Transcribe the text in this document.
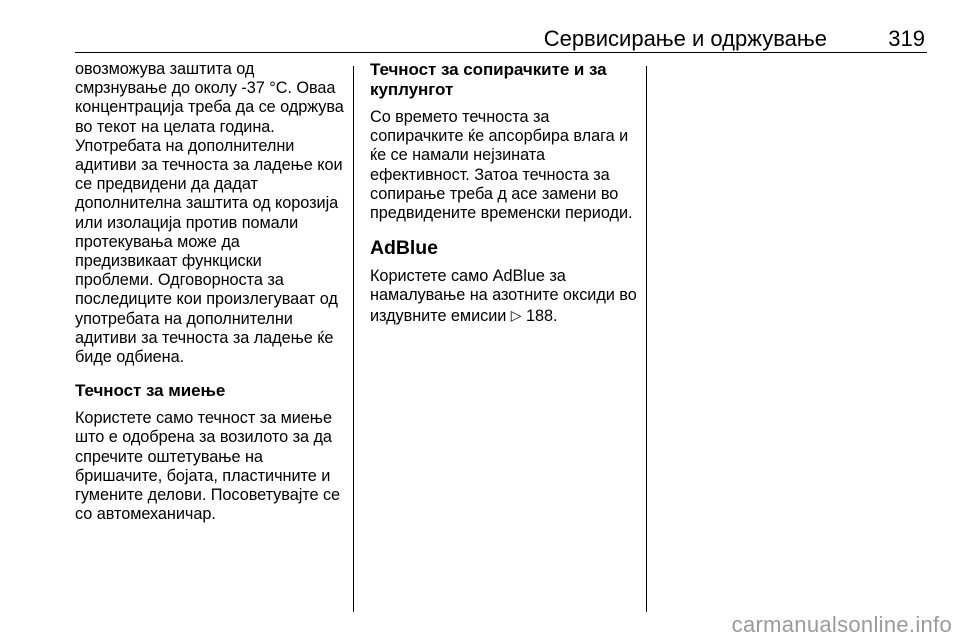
Сервисирање и одржување	319

овозможува заштита од
смрзнување до околу -37 °C. Оваа
концентрација треба да се одржува
во текот на целата година.
Употребата на дополнителни
адитиви за течноста за ладење кои
се предвидени да дадат
дополнителна заштита од корозија
или изолација против помали
протекувања може да
предизвикаат функциски
проблеми. Одговорноста за
последиците кои произлегуваат од
употребата на дополнителни
адитиви за течноста за ладење ќе
биде одбиена.

Течност за миење

Користете само течност за миење
што е одобрена за возилото за да
спречите оштетување на
бришачите, бојата, пластичните и
гумените делови. Посоветувајте се
со автомеханичар.

Течност за сопирачките и за
куплунгот

Со времето течноста за
сопирачките ќе апсорбира влага и
ќе се намали нејзината
ефективност. Затоа течноста за
сопирање треба д асе замени во
предвидените временски периоди.

AdBlue

Користете само AdBlue за
намалување на азотните оксиди во
издувните емисии ▷ 188.

carmanualsonline.info
